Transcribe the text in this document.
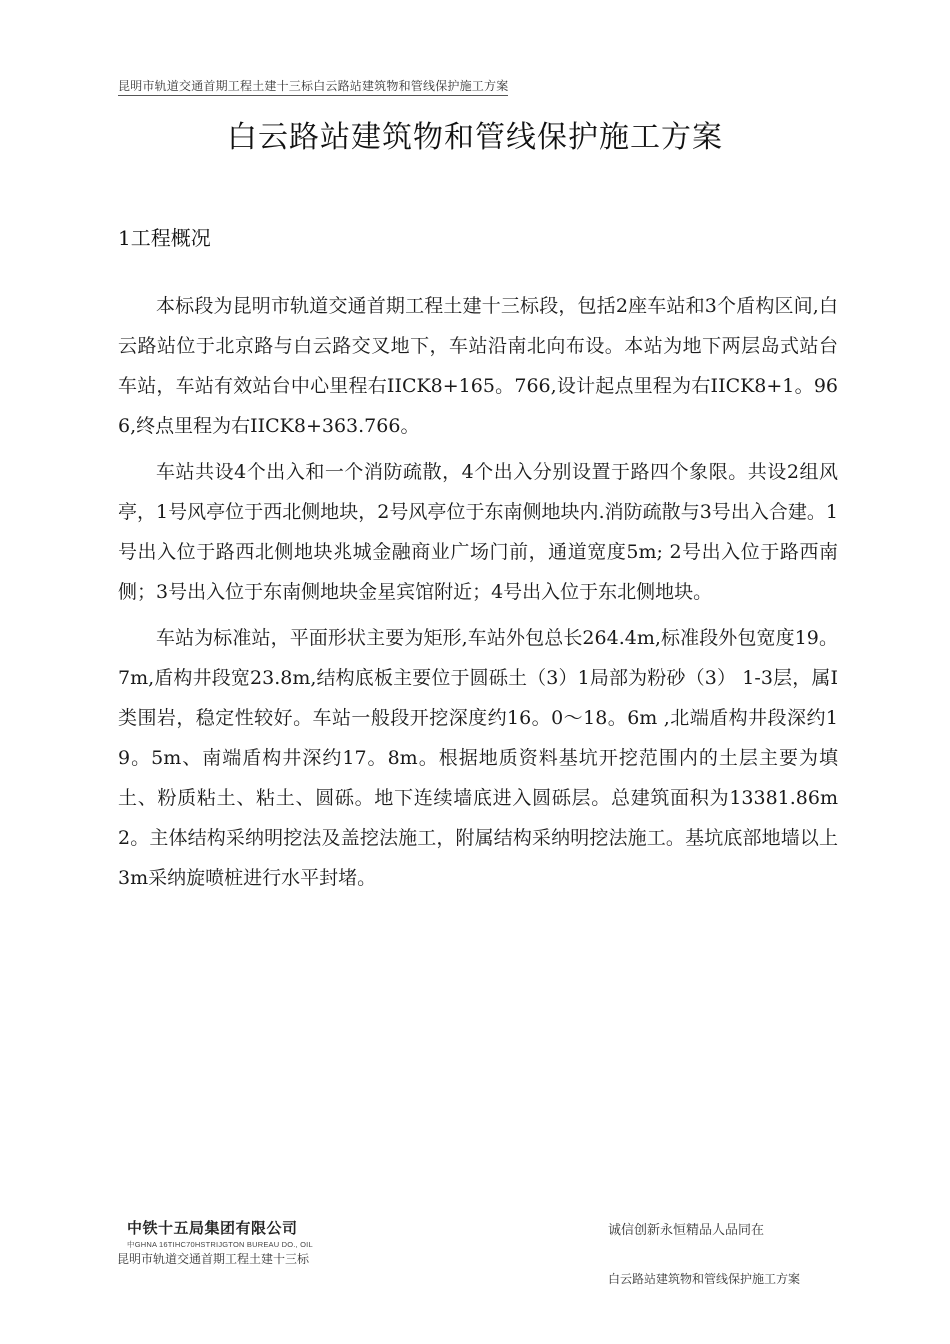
昆明市轨道交通首期工程土建十三标白云路站建筑物和管线保护施工方案
白云路站建筑物和管线保护施工方案
1工程概况

本标段为昆明市轨道交通首期工程土建十三标段，包括2座车站和3个盾构区间,白云路站位于北京路与白云路交叉地下，车站沿南北向布设。本站为地下两层岛式站台车站，车站有效站台中心里程右IICK8+165。766,设计起点里程为右IICK8+1。966,终点里程为右IICK8+363.766。

车站共设4个出入和一个消防疏散，4个出入分别设置于路四个象限。共设2组风亭，1号风亭位于西北侧地块，2号风亭位于东南侧地块内.消防疏散与3号出入合建。1号出入位于路西北侧地块兆城金融商业广场门前，通道宽度5m; 2号出入位于路西南侧；3号出入位于东南侧地块金星宾馆附近；4号出入位于东北侧地块。

车站为标准站，平面形状主要为矩形,车站外包总长264.4m,标准段外包宽度19。7m,盾构井段宽23.8m,结构底板主要位于圆砾土（3）1局部为粉砂（3） 1-3层，属I类围岩，稳定性较好。车站一般段开挖深度约16。0〜18。6m ,北端盾构井段深约19。5m、南端盾构井深约17。8m。根据地质资料基坑开挖范围内的土层主要为填土、粉质粘土、粘土、圆砾。地下连续墙底进入圆砾层。总建筑面积为13381.86m2。主体结构采纳明挖法及盖挖法施工，附属结构采纳明挖法施工。基坑底部地墙以上3m采纳旋喷桩进行水平封堵。

中铁十五局集团有限公司
中GHNA 16TIHC70HSTRIJGTON BUREAU DO., OIL
昆明市轨道交通首期工程土建十三标
诚信创新永恒精品人品同在
白云路站建筑物和管线保护施工方案
